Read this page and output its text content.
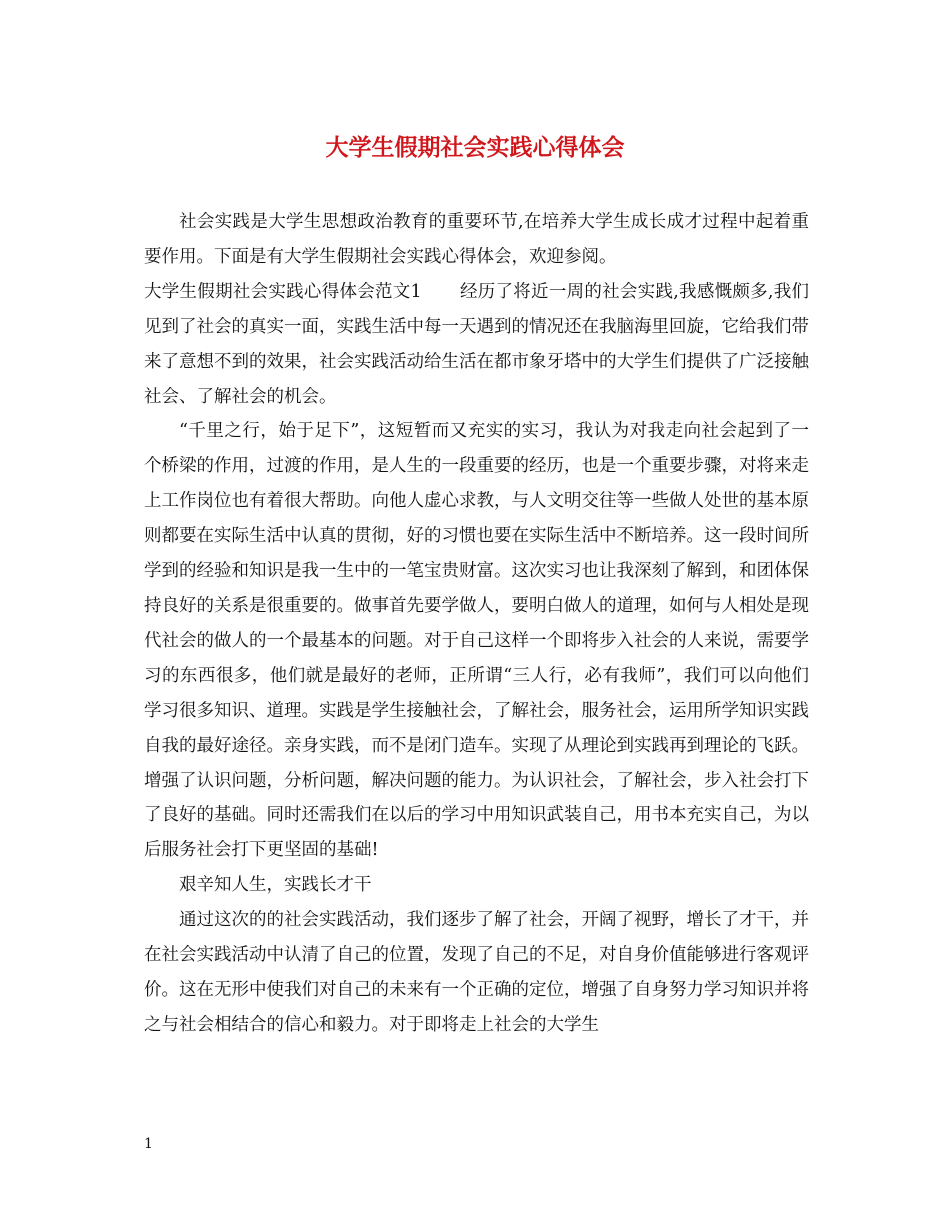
大学生假期社会实践心得体会

社会实践是大学生思想政治教育的重要环节,在培养大学生成长成才过程中起着重要作用。下面是有大学生假期社会实践心得体会，欢迎参阅。

大学生假期社会实践心得体会范文1 经历了将近一周的社会实践,我感慨颇多,我们见到了社会的真实一面，实践生活中每一天遇到的情况还在我脑海里回旋，它给我们带来了意想不到的效果，社会实践活动给生活在都市象牙塔中的大学生们提供了广泛接触社会、了解社会的机会。

“千里之行，始于足下”，这短暂而又充实的实习，我认为对我走向社会起到了一个桥梁的作用，过渡的作用，是人生的一段重要的经历，也是一个重要步骤，对将来走上工作岗位也有着很大帮助。向他人虚心求教，与人文明交往等一些做人处世的基本原则都要在实际生活中认真的贯彻，好的习惯也要在实际生活中不断培养。这一段时间所学到的经验和知识是我一生中的一笔宝贵财富。这次实习也让我深刻了解到，和团体保持良好的关系是很重要的。做事首先要学做人，要明白做人的道理，如何与人相处是现代社会的做人的一个最基本的问题。对于自己这样一个即将步入社会的人来说，需要学习的东西很多，他们就是最好的老师，正所谓“三人行，必有我师”，我们可以向他们学习很多知识、道理。实践是学生接触社会，了解社会，服务社会，运用所学知识实践自我的最好途径。亲身实践，而不是闭门造车。实现了从理论到实践再到理论的飞跃。增强了认识问题，分析问题，解决问题的能力。为认识社会，了解社会，步入社会打下了良好的基础。同时还需我们在以后的学习中用知识武装自己，用书本充实自己，为以后服务社会打下更坚固的基础!

艰辛知人生，实践长才干

通过这次的的社会实践活动，我们逐步了解了社会，开阔了视野，增长了才干，并在社会实践活动中认清了自己的位置，发现了自己的不足，对自身价值能够进行客观评价。这在无形中使我们对自己的未来有一个正确的定位，增强了自身努力学习知识并将之与社会相结合的信心和毅力。对于即将走上社会的大学生

1
